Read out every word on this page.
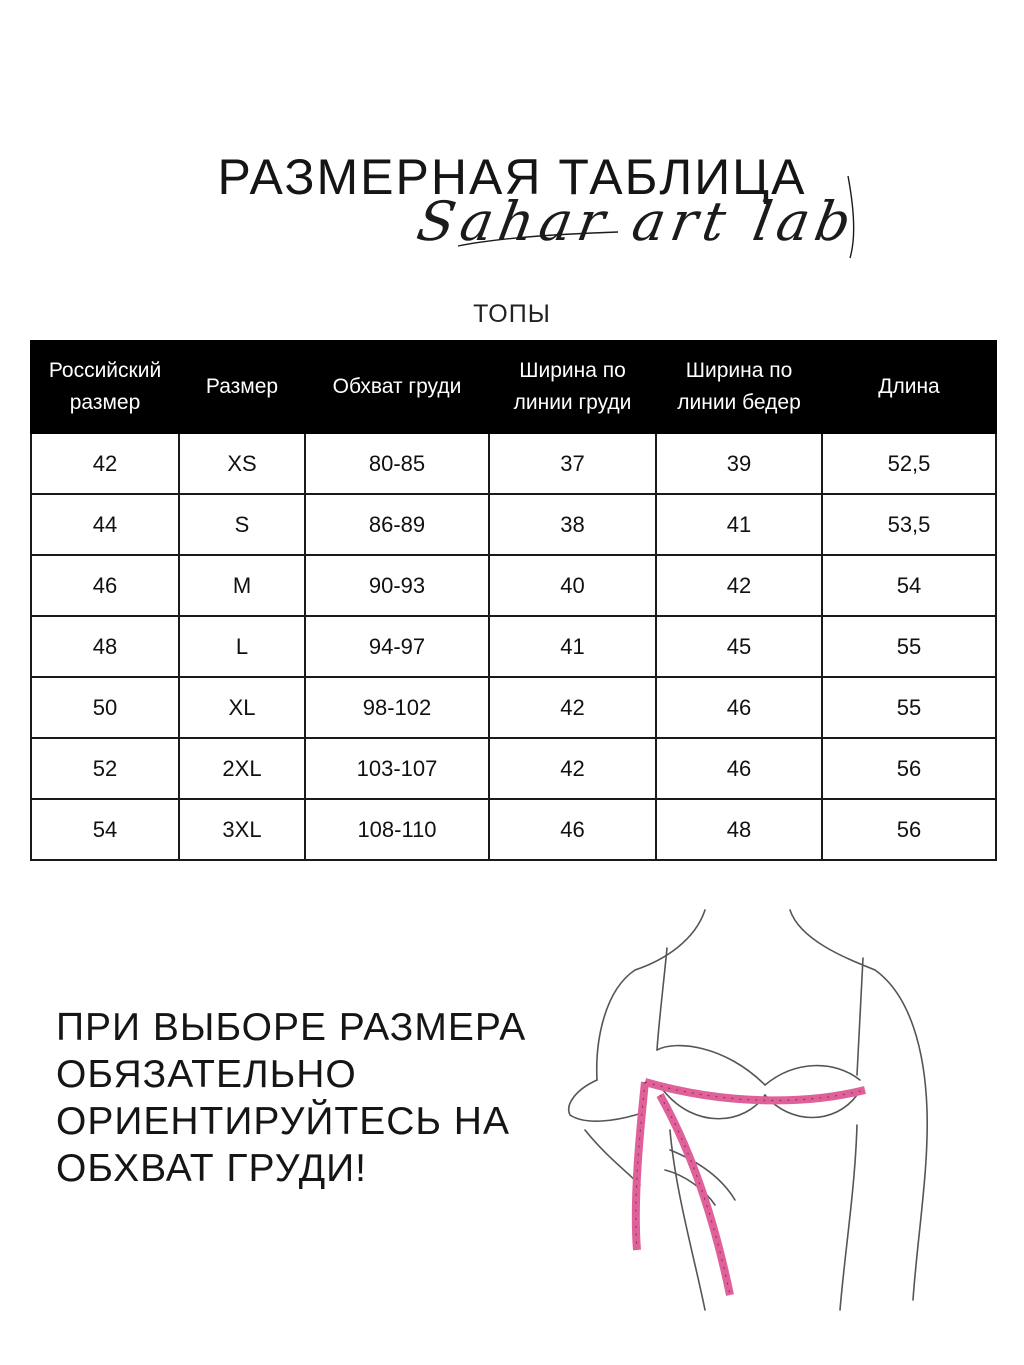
РАЗМЕРНАЯ ТАБЛИЦА
Sahar art lab
ТОПЫ
Российский размер	Размер	Обхват груди	Ширина по линии груди	Ширина по линии бедер	Длина
42	XS	80-85	37	39	52,5
44	S	86-89	38	41	53,5
46	M	90-93	40	42	54
48	L	94-97	41	45	55
50	XL	98-102	42	46	55
52	2XL	103-107	42	46	56
54	3XL	108-110	46	48	56
ПРИ ВЫБОРЕ РАЗМЕРА
ОБЯЗАТЕЛЬНО
ОРИЕНТИРУЙТЕСЬ НА
ОБХВАТ ГРУДИ!
